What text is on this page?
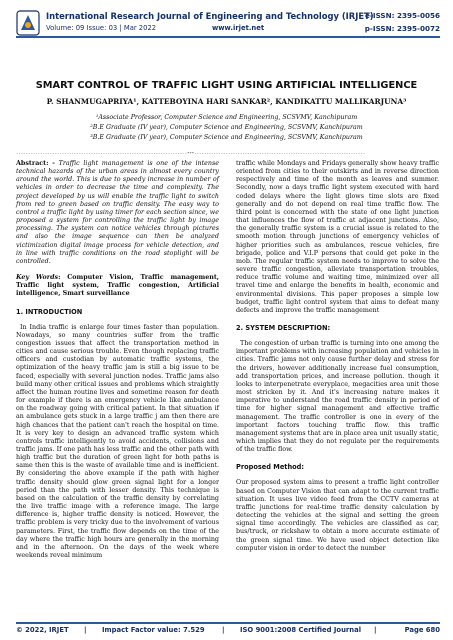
International Research Journal of Engineering and Technology (IRJET)
Volume: 09 Issue: 03 | Mar 2022	www.irjet.net
e-ISSN: 2395-0056
p-ISSN: 2395-0072
SMART CONTROL OF TRAFFIC LIGHT USING ARTIFICIAL INTELLIGENCE
P. SHANMUGAPRIYA¹, KATTEBOYINA HARI SANKAR², KANDIKATTU MALLIKARJUNA³
¹Associate Professor, Computer Science and Engineering, SCSVMV, Kanchipuram
²B.E Graduate (IV year), Computer Science and Engineering, SCSVMV, Kanchipuram
³B.E Graduate (IV year), Computer Science and Engineering, SCSVMV, Kanchipuram
-----------------------------------------------------------------------***-----------------------------------------------------------------------

Abstract: - Traffic light management is one of the intense technical hazards of the urban areas in almost every country around the world. This is due to speedy increase in number of vehicles in order to decrease the time and complexity. The project developed by us will enable the traffic light to switch from red to green based on traffic density. The easy way to control a traffic light by using timer for each section since, we proposed a system for controlling the traffic light by image processing. The system can notice vehicles through pictures and also the image sequence can then be analyzed victimization digital image process for vehicle detection, and in line with traffic conditions on the road stoplight will be controlled.

Key Words: Computer Vision, Traffic management, Traffic light system, Traffic congestion, Artificial intelligence, Smart surveillance

1. INTRODUCTION

In India traffic is enlarge four times faster than population. Nowadays, so many countries suffer from the traffic congestion issues that affect the transportation method in cities and cause serious trouble. Even though replacing traffic officers and custodian by automatic traffic systems, the optimization of the heavy traffic jam is still a big issue to be faced, especially with several junction nodes. Traffic jams also build many other critical issues and problems which straightly affect the human routine lives and sometime reason for death for example if there is an emergency vehicle like ambulance on the roadway going with critical patient. In that situation if an ambulance gets stuck in a large traffic j am then there are high chances that the patient can't reach the hospital on time. It is very key to design an advanced traffic system which controls traffic intelligently to avoid accidents, collisions and traffic jams. If one path has less traffic and the other path with high traffic but the duration of green light for both paths is same then this is the waste of available time and is inefficient. By considering the above example if the path with higher traffic density should glow green signal light for a longer period than the path with lesser density. This technique is based on the calculation of the traffic density by correlating the live traffic image with a reference image. The large difference is, higher traffic density is noticed. However, the traffic problem is very tricky due to the involvement of various parameters. First, the traffic flow depends on the time of the day where the traffic high hours are generally in the morning and in the afternoon. On the days of the week where weekends reveal minimum

traffic while Mondays and Fridays generally show heavy traffic oriented from cities to their outskirts and in reverse direction respectively and time of the month as leaves and summer. Secondly, now a days traffic light system executed with hard coded delays where the light glows time slots are fixed generally and do not depend on real time traffic flow. The third point is concerned with the state of one light junction that influences the flow of traffic at adjacent junctions. Also, the generally traffic system is a crucial issue is related to the smooth motion through junctions of emergency vehicles of higher priorities such as ambulances, rescue vehicles, fire brigade, police and V.I.P persons that could get poke in the mob. The regular traffic system needs to improve to solve the severe traffic congestion, alleviate transportation troubles, reduce traffic volume and waiting time, minimized over all travel time and enlarge the benefits in health, economic and environmental divisions. This paper proposes a simple low budget, traffic light control system that aims to defeat many defects and improve the traffic management

2. SYSTEM DESCRIPTION:

The congestion of urban traffic is turning into one among the important problems with increasing population and vehicles in cities. Traffic jams not only cause further delay and stress for the drivers, however additionally increase fuel consumption, add transportation prices, and increase pollution. though it looks to interpenetrate everyplace, megacities area unit those most stricken by it. And it's increasing nature makes it imperative to understand the road traffic density in period of time for higher signal management and effective traffic management. The traffic controller is one in every of the important factors touching traffic flow. this traffic management systems that are in place area unit usually static, which implies that they do not regulate per the requirements of the traffic flow.

Proposed Method:

Our proposed system aims to present a traffic light controller based on Computer Vision that can adapt to the current traffic situation. It uses live video feed from the CCTV cameras at traffic junctions for real-time traffic density calculation by detecting the vehicles at the signal and setting the green signal time accordingly. The vehicles are classified as car, bus/truck, or rickshaw to obtain a more accurate estimate of the green signal time. We have used object detection like computer vision in order to detect the number

© 2022, IRJET | Impact Factor value: 7.529	| ISO 9001:2008 Certified Journal |	Page 680
